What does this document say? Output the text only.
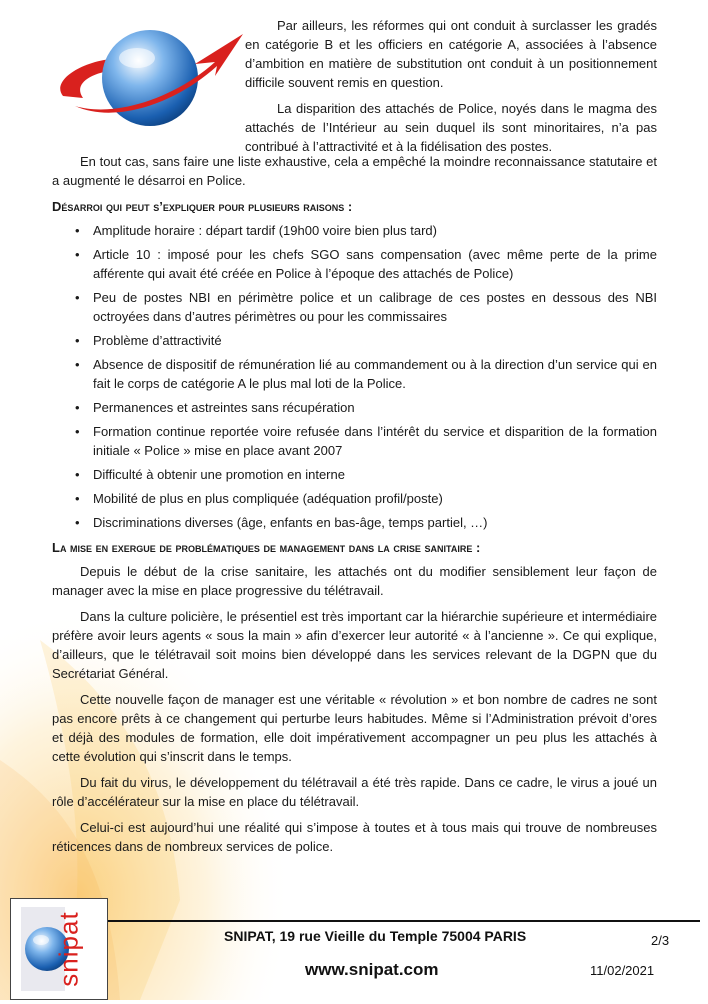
Par ailleurs, les réformes qui ont conduit à surclasser les gradés en catégorie B et les officiers en catégorie A, associées à l’absence d’ambition en matière de substitution ont conduit à un positionnement difficile souvent remis en question.

La disparition des attachés de Police, noyés dans le magma des attachés de l’Intérieur au sein duquel ils sont minoritaires, n’a pas contribué à l’attractivité et à la fidélisation des postes.

En tout cas, sans faire une liste exhaustive, cela a empêché la moindre reconnaissance statutaire et a augmenté le désarroi en Police.

Désarroi qui peut s’expliquer pour plusieurs raisons :
• Amplitude horaire : départ tardif (19h00 voire bien plus tard)
• Article 10 : imposé pour les chefs SGO sans compensation (avec même perte de la prime afférente qui avait été créée en Police à l’époque des attachés de Police)
• Peu de postes NBI en périmètre police et un calibrage de ces postes en dessous des NBI octroyées dans d’autres périmètres ou pour les commissaires
• Problème d’attractivité
• Absence de dispositif de rémunération lié au commandement ou à la direction d’un service qui en fait le corps de catégorie A le plus mal loti de la Police.
• Permanences et astreintes sans récupération
• Formation continue reportée voire refusée dans l’intérêt du service et disparition de la formation initiale « Police » mise en place avant 2007
• Difficulté à obtenir une promotion en interne
• Mobilité de plus en plus compliquée (adéquation profil/poste)
• Discriminations diverses (âge, enfants en bas-âge, temps partiel, …)
La mise en exergue de problématiques de management dans la crise sanitaire :

Depuis le début de la crise sanitaire, les attachés ont du modifier sensiblement leur façon de manager avec la mise en place progressive du télétravail.

Dans la culture policière, le présentiel est très important car la hiérarchie supérieure et intermédiaire préfère avoir leurs agents « sous la main » afin d’exercer leur autorité « à l’ancienne ». Ce qui explique, d’ailleurs, que le télétravail soit moins bien développé dans les services relevant de la DGPN que du Secrétariat Général.

Cette nouvelle façon de manager est une véritable « révolution » et bon nombre de cadres ne sont pas encore prêts à ce changement qui perturbe leurs habitudes. Même si l’Administration prévoit d’ores et déjà des modules de formation, elle doit impérativement accompagner un peu plus les attachés à cette évolution qui s’inscrit dans le temps.

Du fait du virus, le développement du télétravail a été très rapide. Dans ce cadre, le virus a joué un rôle d’accélérateur sur la mise en place du télétravail.

Celui-ci est aujourd’hui une réalité qui s’impose à toutes et à tous mais qui trouve de nombreuses réticences dans de nombreux services de police.

snipat	SNIPAT, 19 rue Vieille du Temple 75004 PARIS	2/3
www.snipat.com	11/02/2021
